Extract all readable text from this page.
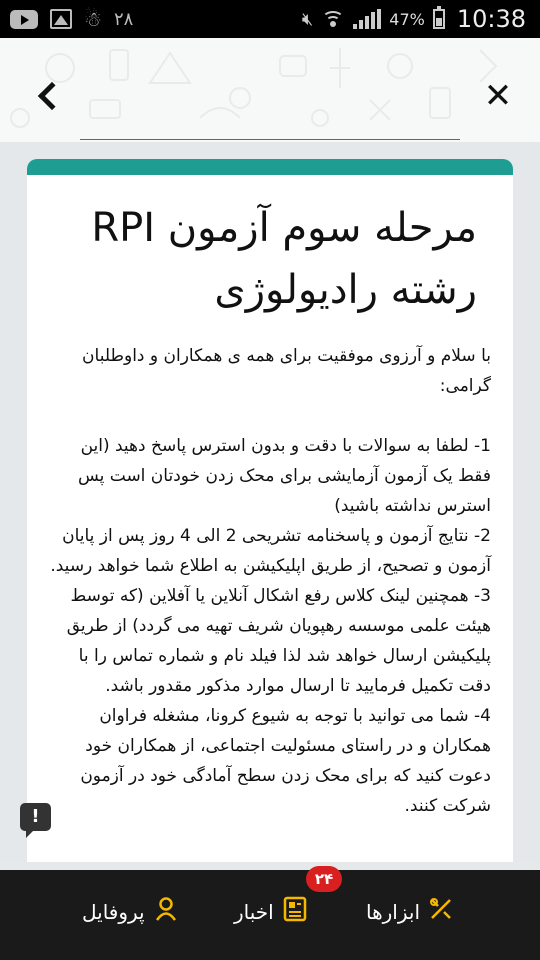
☃ ۲۸	🔇︎	47% 10:38
✕
مرحله سوم آزمون RPI
رشته رادیولوژی

با سلام و آرزوی موفقیت برای همه ی همکاران و داوطلبان گرامی:

1- لطفا به سوالات با دقت و بدون استرس پاسخ دهید (این فقط یک آزمون آزمایشی برای محک زدن خودتان است پس استرس نداشته باشید)

2- نتایج آزمون و پاسخنامه تشریحی 2 الی 4 روز پس از پایان آزمون و تصحیح، از طریق اپلیکیشن به اطلاع شما خواهد رسید.

3- همچنین لینک کلاس رفع اشکال آنلاین یا آفلاین (که توسط هیئت علمی موسسه رهپویان شریف تهیه می گردد) از طریق پلیکیشن ارسال خواهد شد لذا فیلد نام و شماره تماس را با دقت تکمیل فرمایید تا ارسال موارد مذکور مقدور باشد.

4- شما می توانید با توجه به شیوع کرونا، مشغله فراوان همکاران و در راستای مسئولیت اجتماعی، از همکاران خود دعوت کنید که برای محک زدن سطح آمادگی خود در آزمون شرکت کنند.

!
پروفایل	اخبار	ابزارها
۲۴
